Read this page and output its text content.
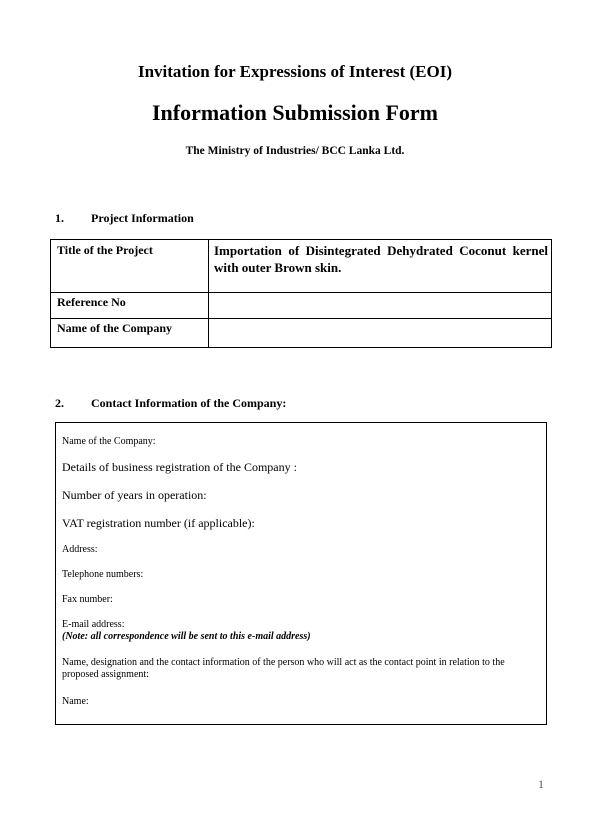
Invitation for Expressions of Interest (EOI)
Information Submission Form
The Ministry of Industries/ BCC Lanka Ltd.
1. Project Information
Title of the Project	Importation of Disintegrated Dehydrated Coconut kernel with outer Brown skin.
Reference No
Name of the Company
2. Contact Information of the Company:
Name of the Company:
Details of business registration of the Company :
Number of years in operation:
VAT registration number (if applicable):
Address:
Telephone numbers:
Fax number:
E-mail address:
(Note: all correspondence will be sent to this e-mail address)
Name, designation and the contact information of the person who will act as the contact point in relation to the proposed assignment:
Name:
1
